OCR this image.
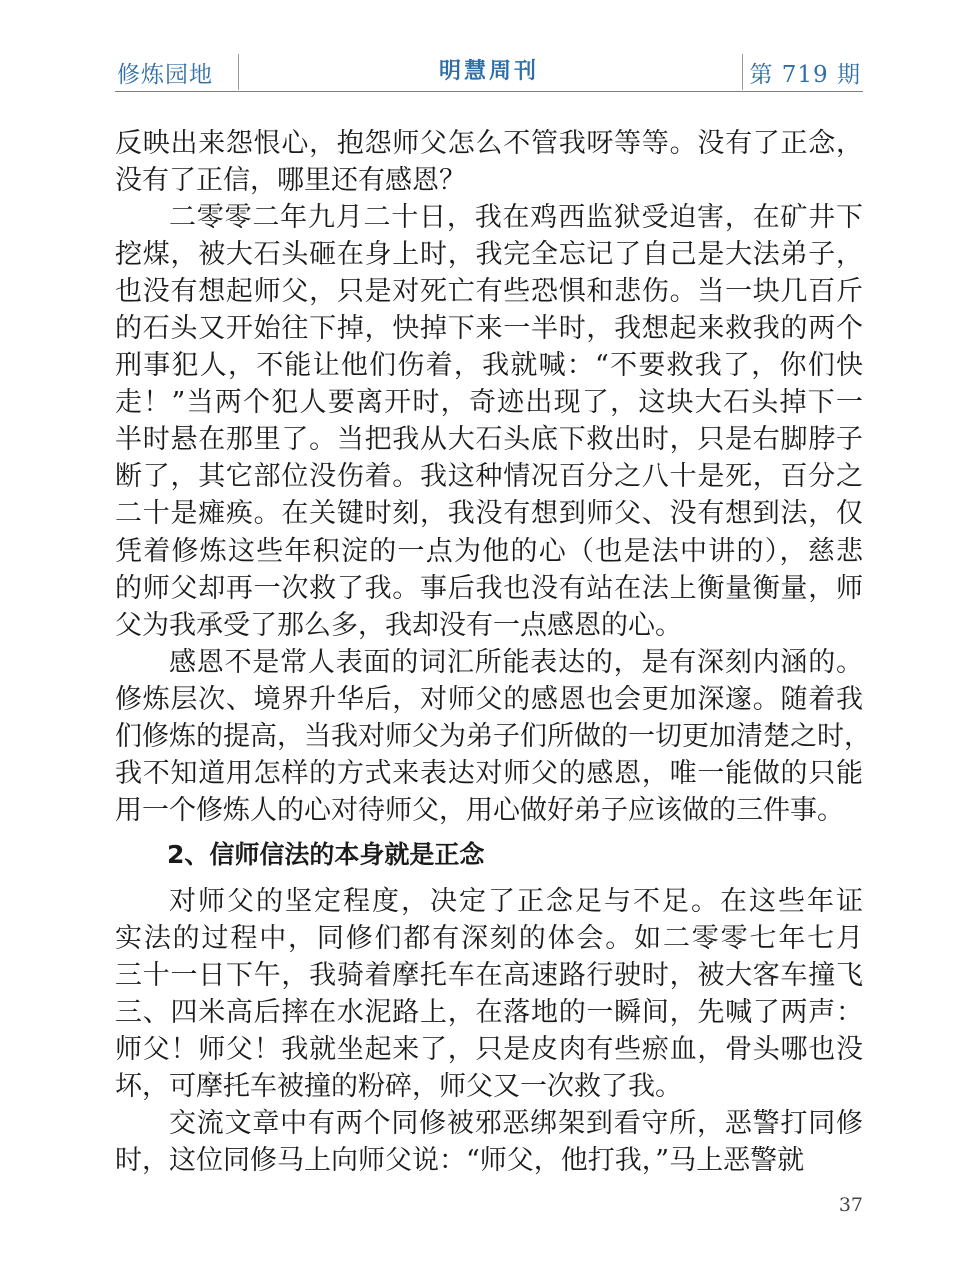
修炼园地	明慧周刊	第 719 期
反映出来怨恨心，抱怨师父怎么不管我呀等等。没有了正念，
没有了正信，哪里还有感恩？
二零零二年九月二十日，我在鸡西监狱受迫害，在矿井下
挖煤，被大石头砸在身上时，我完全忘记了自己是大法弟子，
也没有想起师父，只是对死亡有些恐惧和悲伤。当一块几百斤
的石头又开始往下掉，快掉下来一半时，我想起来救我的两个
刑事犯人，不能让他们伤着，我就喊：“不要救我了，你们快
走！”当两个犯人要离开时，奇迹出现了，这块大石头掉下一
半时悬在那里了。当把我从大石头底下救出时，只是右脚脖子
断了，其它部位没伤着。我这种情况百分之八十是死，百分之
二十是瘫痪。在关键时刻，我没有想到师父、没有想到法，仅
凭着修炼这些年积淀的一点为他的心（也是法中讲的），慈悲
的师父却再一次救了我。事后我也没有站在法上衡量衡量，师
父为我承受了那么多，我却没有一点感恩的心。
感恩不是常人表面的词汇所能表达的，是有深刻内涵的。
修炼层次、境界升华后，对师父的感恩也会更加深邃。随着我
们修炼的提高，当我对师父为弟子们所做的一切更加清楚之时，
我不知道用怎样的方式来表达对师父的感恩，唯一能做的只能
用一个修炼人的心对待师父，用心做好弟子应该做的三件事。
2、信师信法的本身就是正念
对师父的坚定程度，决定了正念足与不足。在这些年证
实法的过程中，同修们都有深刻的体会。如二零零七年七月
三十一日下午，我骑着摩托车在高速路行驶时，被大客车撞飞
三、四米高后摔在水泥路上，在落地的一瞬间，先喊了两声：
师父！师父！我就坐起来了，只是皮肉有些瘀血，骨头哪也没
坏，可摩托车被撞的粉碎，师父又一次救了我。
交流文章中有两个同修被邪恶绑架到看守所，恶警打同修
时，这位同修马上向师父说：“师父，他打我，”马上恶警就
37
